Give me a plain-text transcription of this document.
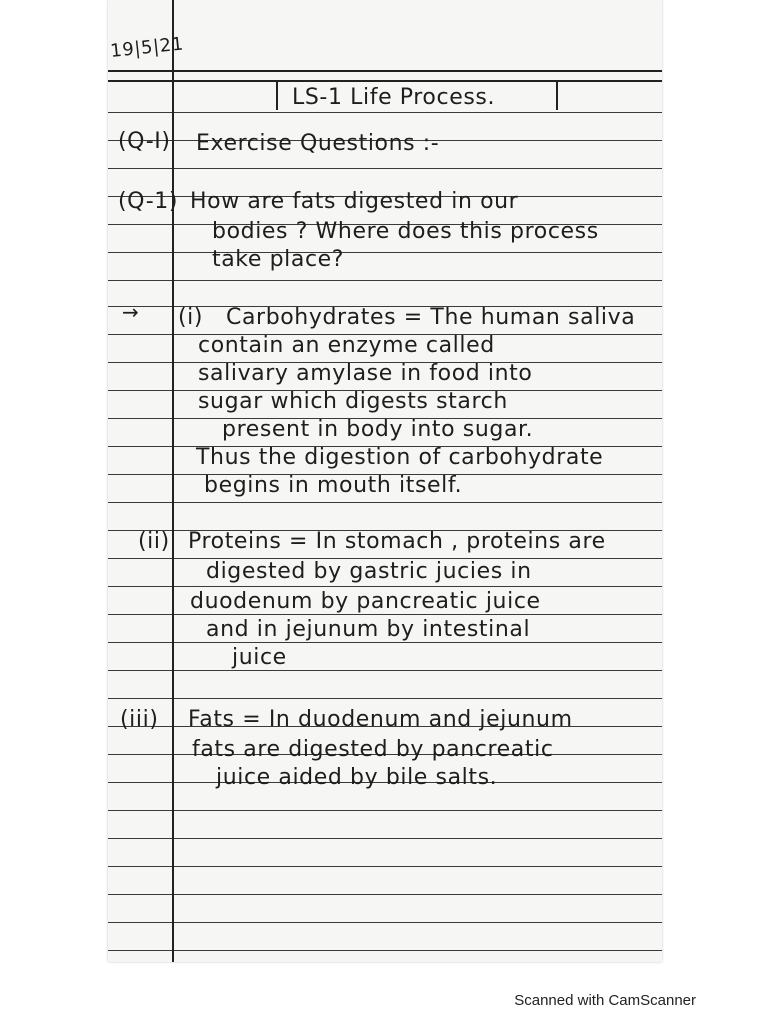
19|5|21

LS-1 Life Process.

(Q-I) Exercise Questions :-

(Q-1) How are fats digested in our

bodies ? Where does this process

take place?

→ (i) Carbohydrates = The human saliva

contain an enzyme called

salivary amylase in food into

sugar which digests starch

present in body into sugar.

Thus the digestion of carbohydrate

begins in mouth itself.

(ii) Proteins = In stomach , proteins are

digested by gastric jucies in

duodenum by pancreatic juice

and in jejunum by intestinal

juice

(iii) Fats = In duodenum and jejunum

fats are digested by pancreatic

juice aided by bile salts.

Scanned with CamScanner
